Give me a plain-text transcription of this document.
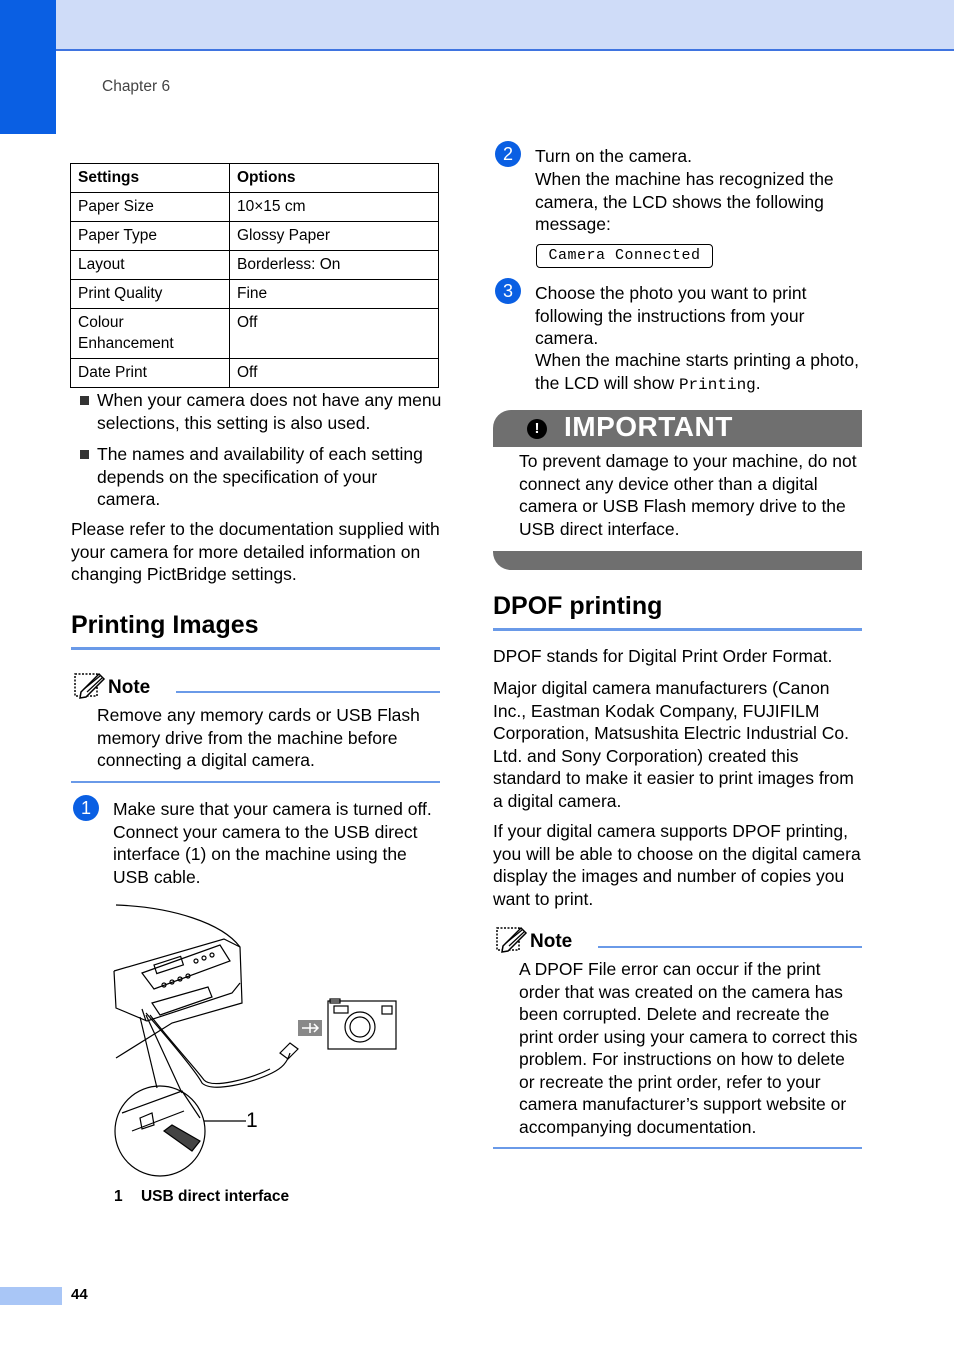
Chapter 6
Settings	Options
Paper Size	10×15 cm
Paper Type	Glossy Paper
Layout	Borderless: On
Print Quality	Fine
Colour Enhancement	Off
Date Print	Off
When your camera does not have any menu selections, this setting is also used.
The names and availability of each setting depends on the specification of your camera.
Please refer to the documentation supplied with your camera for more detailed information on changing PictBridge settings.
Printing Images
Note
Remove any memory cards or USB Flash memory drive from the machine before connecting a digital camera.
1	Make sure that your camera is turned off. Connect your camera to the USB direct interface (1) on the machine using the USB cable.
1
1 USB direct interface
2	Turn on the camera.
When the machine has recognized the camera, the LCD shows the following message:
Camera Connected
3	Choose the photo you want to print following the instructions from your camera.
When the machine starts printing a photo, the LCD will show Printing.
! IMPORTANT
To prevent damage to your machine, do not connect any device other than a digital camera or USB Flash memory drive to the USB direct interface.
DPOF printing
DPOF stands for Digital Print Order Format.
Major digital camera manufacturers (Canon Inc., Eastman Kodak Company, FUJIFILM Corporation, Matsushita Electric Industrial Co. Ltd. and Sony Corporation) created this standard to make it easier to print images from a digital camera.
If your digital camera supports DPOF printing, you will be able to choose on the digital camera display the images and number of copies you want to print.
Note
A DPOF File error can occur if the print order that was created on the camera has been corrupted. Delete and recreate the print order using your camera to correct this problem. For instructions on how to delete or recreate the print order, refer to your camera manufacturer’s support website or accompanying documentation.
44
